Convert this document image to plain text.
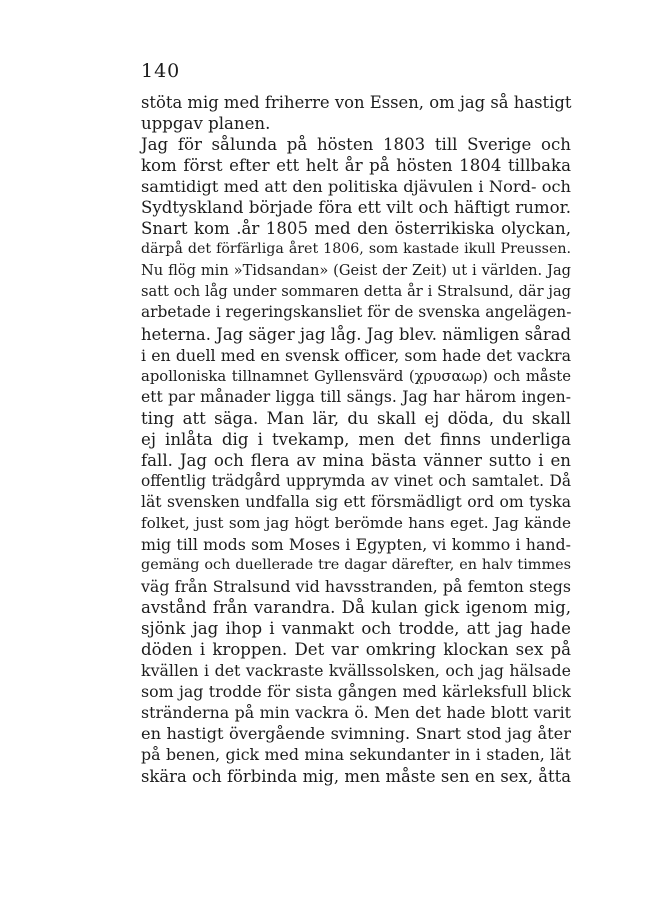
140
stöta mig med friherre von Essen, om jag så hastigt
uppgav planen.
Jag för sålunda på hösten 1803 till Sverige och
kom först efter ett helt år på hösten 1804 tillbaka
samtidigt med att den politiska djävulen i Nord- och
Sydtyskland började föra ett vilt och häftigt rumor.
Snart kom .år 1805 med den österrikiska olyckan,
därpå det förfärliga året 1806, som kastade ikull Preussen.
Nu flög min »Tidsandan» (Geist der Zeit) ut i världen. Jag
satt och låg under sommaren detta år i Stralsund, där jag
arbetade i regeringskansliet för de svenska angelägen-
heterna. Jag säger jag låg. Jag blev. nämligen sårad
i en duell med en svensk officer, som hade det vackra
apolloniska tillnamnet Gyllensvärd (χρυσαωρ) och måste
ett par månader ligga till sängs. Jag har härom ingen-
ting att säga. Man lär, du skall ej döda, du skall
ej inlåta dig i tvekamp, men det finns underliga
fall. Jag och flera av mina bästa vänner sutto i en
offentlig trädgård upprymda av vinet och samtalet. Då
lät svensken undfalla sig ett försmädligt ord om tyska
folket, just som jag högt berömde hans eget. Jag kände
mig till mods som Moses i Egypten, vi kommo i hand-
gemäng och duellerade tre dagar därefter, en halv timmes
väg från Stralsund vid havsstranden, på femton stegs
avstånd från varandra. Då kulan gick igenom mig,
sjönk jag ihop i vanmakt och trodde, att jag hade
döden i kroppen. Det var omkring klockan sex på
kvällen i det vackraste kvällssolsken, och jag hälsade
som jag trodde för sista gången med kärleksfull blick
stränderna på min vackra ö. Men det hade blott varit
en hastigt övergående svimning. Snart stod jag åter
på benen, gick med mina sekundanter in i staden, lät
skära och förbinda mig, men måste sen en sex, åtta
